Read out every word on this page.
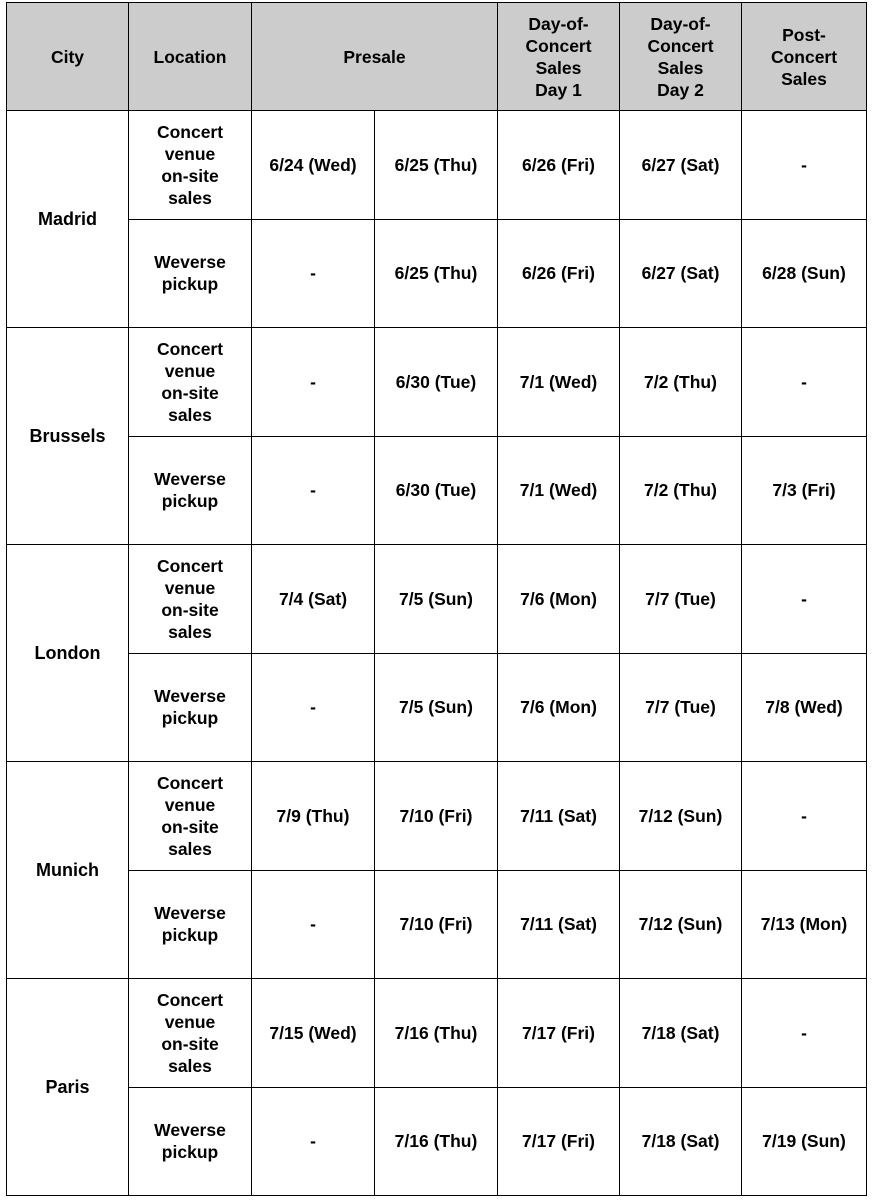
City	Location	Presale		Day-of-
Concert
Sales
Day 1	Day-of-
Concert
Sales
Day 2	Post-
Concert
Sales
Madrid	Concert
venue
on-site
sales	6/24 (Wed)	6/25 (Thu)	6/26 (Fri)	6/27 (Sat)	-
	Weverse
pickup	-	6/25 (Thu)	6/26 (Fri)	6/27 (Sat)	6/28 (Sun)
Brussels	Concert
venue
on-site
sales	-	6/30 (Tue)	7/1 (Wed)	7/2 (Thu)	-
	Weverse
pickup	-	6/30 (Tue)	7/1 (Wed)	7/2 (Thu)	7/3 (Fri)
London	Concert
venue
on-site
sales	7/4 (Sat)	7/5 (Sun)	7/6 (Mon)	7/7 (Tue)	-
	Weverse
pickup	-	7/5 (Sun)	7/6 (Mon)	7/7 (Tue)	7/8 (Wed)
Munich	Concert
venue
on-site
sales	7/9 (Thu)	7/10 (Fri)	7/11 (Sat)	7/12 (Sun)	-
	Weverse
pickup	-	7/10 (Fri)	7/11 (Sat)	7/12 (Sun)	7/13 (Mon)
Paris	Concert
venue
on-site
sales	7/15 (Wed)	7/16 (Thu)	7/17 (Fri)	7/18 (Sat)	-
	Weverse
pickup	-	7/16 (Thu)	7/17 (Fri)	7/18 (Sat)	7/19 (Sun)
